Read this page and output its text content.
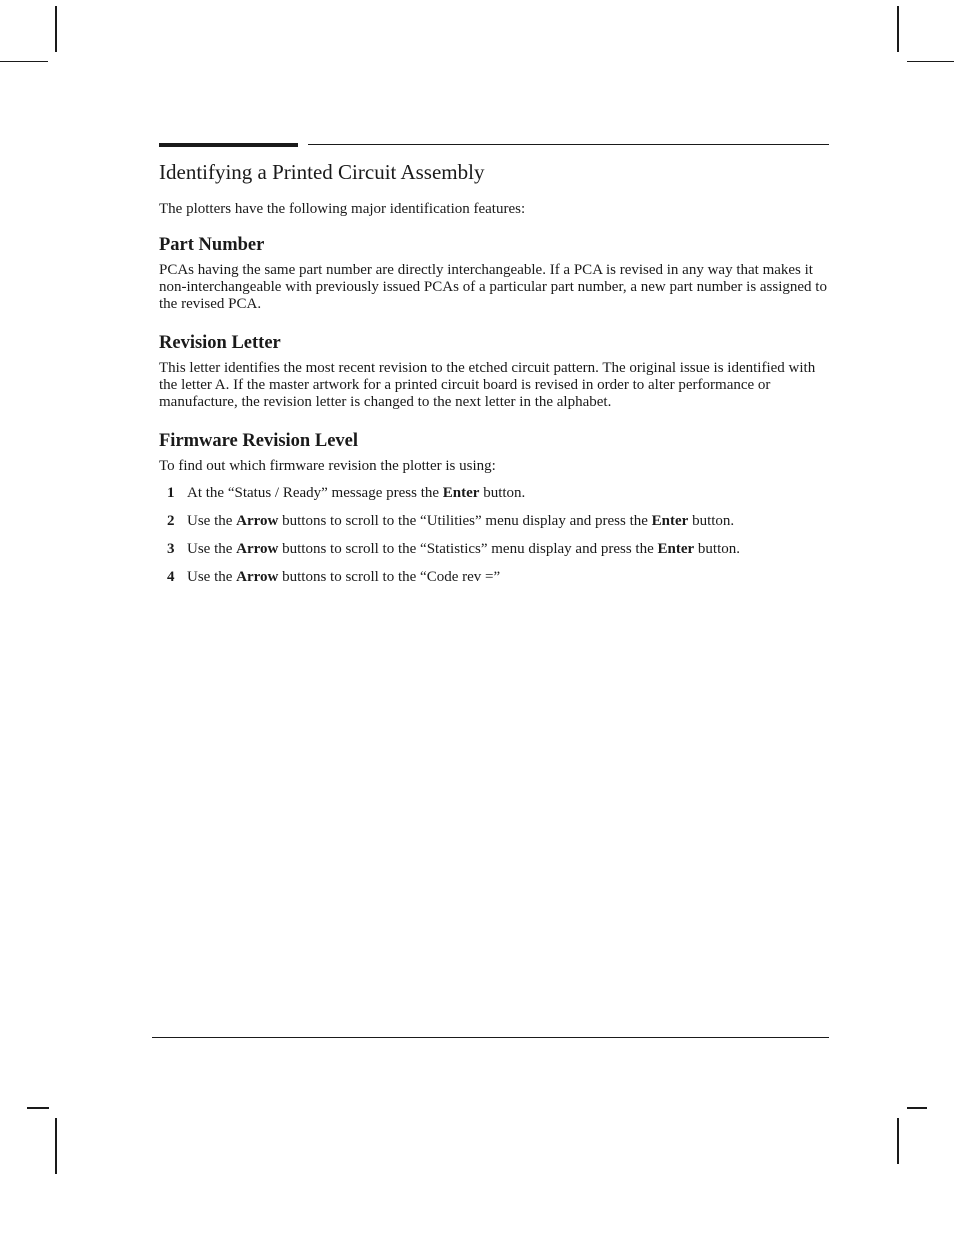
Identifying a Printed Circuit Assembly

The plotters have the following major identification features:

Part Number

PCAs having the same part number are directly interchangeable. If a PCA is revised in any way that makes it non-interchangeable with previously issued PCAs of a particular part number, a new part number is assigned to the revised PCA.

Revision Letter

This letter identifies the most recent revision to the etched circuit pattern. The original issue is identified with the letter A. If the master artwork for a printed circuit board is revised in order to alter performance or manufacture, the revision letter is changed to the next letter in the alphabet.

Firmware Revision Level

To find out which firmware revision the plotter is using:

1 At the “Status / Ready” message press the Enter button.
2 Use the Arrow buttons to scroll to the “Utilities” menu display and press the Enter button.
3 Use the Arrow buttons to scroll to the “Statistics” menu display and press the Enter button.
4 Use the Arrow buttons to scroll to the “Code rev =”
